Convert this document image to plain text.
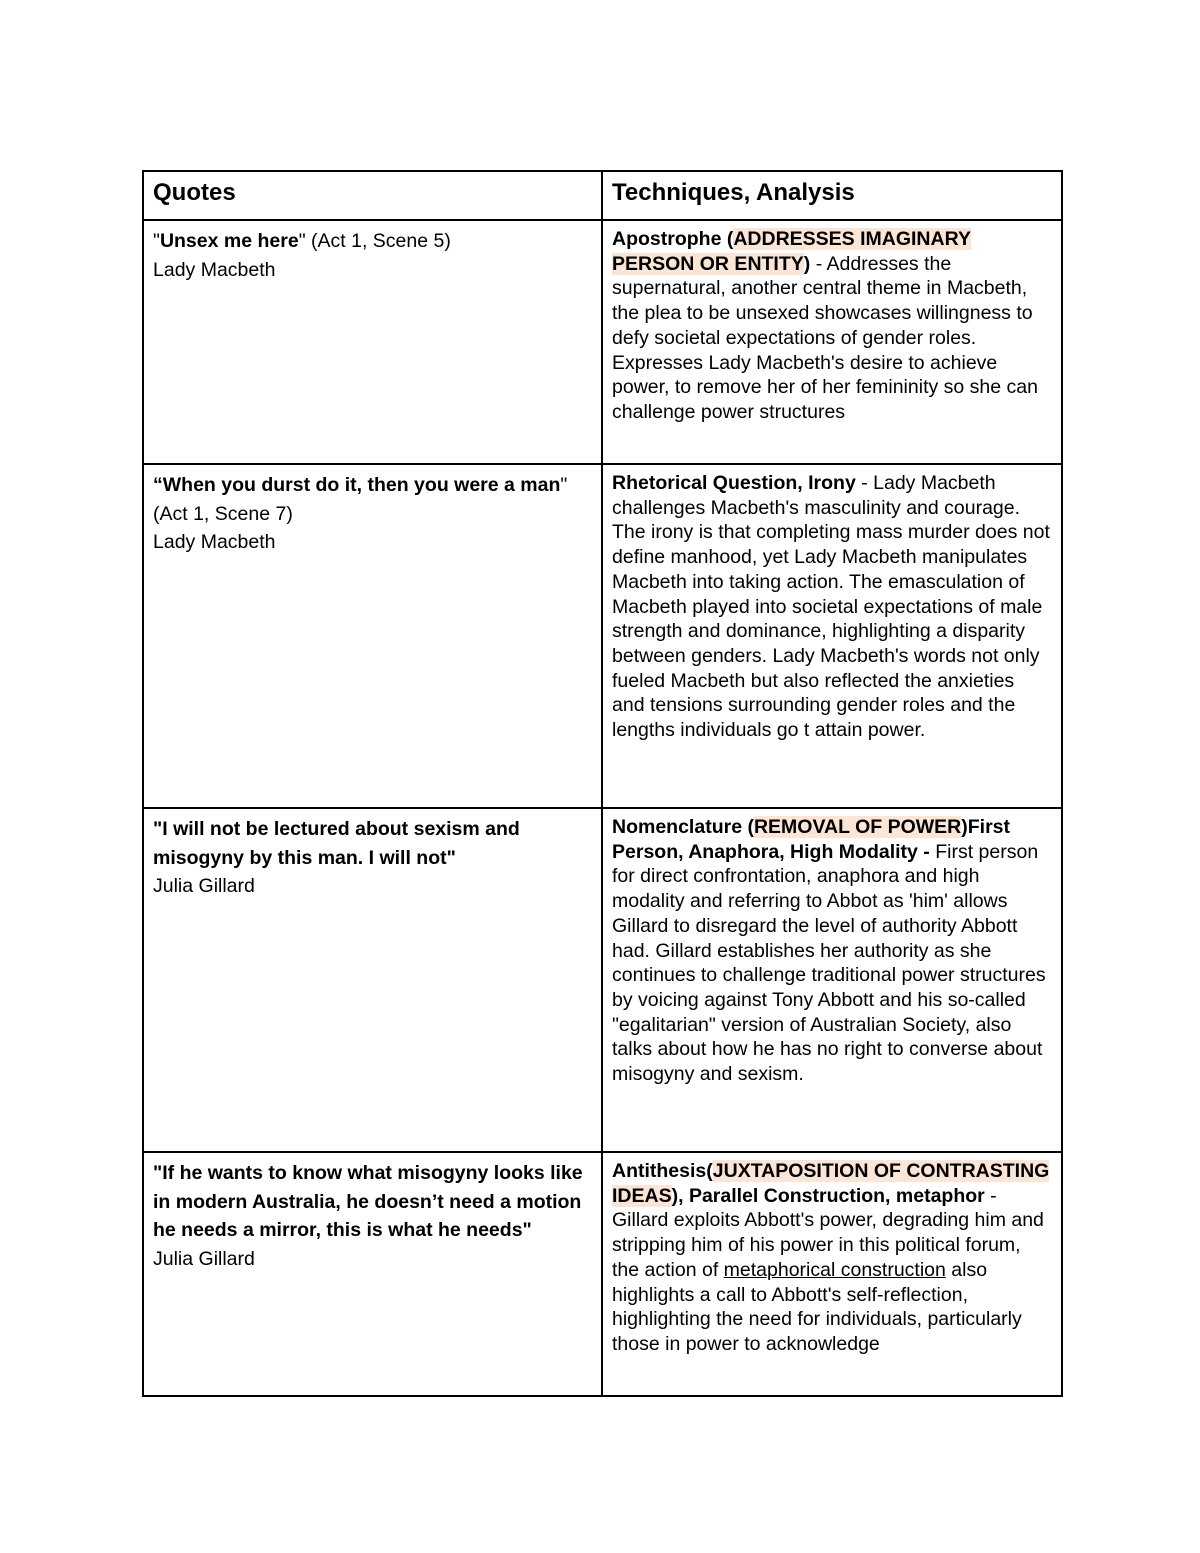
Quotes	Techniques, Analysis
"Unsex me here" (Act 1, Scene 5)
Lady Macbeth	Apostrophe (ADDRESSES IMAGINARY PERSON OR ENTITY) - Addresses the supernatural, another central theme in Macbeth, the plea to be unsexed showcases willingness to defy societal expectations of gender roles. Expresses Lady Macbeth's desire to achieve power, to remove her of her femininity so she can challenge power structures
“When you durst do it, then you were a man" (Act 1, Scene 7)
Lady Macbeth	Rhetorical Question, Irony - Lady Macbeth challenges Macbeth's masculinity and courage. The irony is that completing mass murder does not define manhood, yet Lady Macbeth manipulates Macbeth into taking action. The emasculation of Macbeth played into societal expectations of male strength and dominance, highlighting a disparity between genders. Lady Macbeth's words not only fueled Macbeth but also reflected the anxieties and tensions surrounding gender roles and the lengths individuals go t attain power.
"I will not be lectured about sexism and misogyny by this man. I will not"
Julia Gillard	Nomenclature (REMOVAL OF POWER)First Person, Anaphora, High Modality - First person for direct confrontation, anaphora and high modality and referring to Abbot as 'him' allows Gillard to disregard the level of authority Abbott had. Gillard establishes her authority as she continues to challenge traditional power structures by voicing against Tony Abbott and his so-called "egalitarian" version of Australian Society, also talks about how he has no right to converse about misogyny and sexism.
"If he wants to know what misogyny looks like in modern Australia, he doesn’t need a motion he needs a mirror, this is what he needs"
Julia Gillard	Antithesis(JUXTAPOSITION OF CONTRASTING IDEAS), Parallel Construction, metaphor - Gillard exploits Abbott's power, degrading him and stripping him of his power in this political forum, the action of metaphorical construction also highlights a call to Abbott's self-reflection, highlighting the need for individuals, particularly those in power to acknowledge
